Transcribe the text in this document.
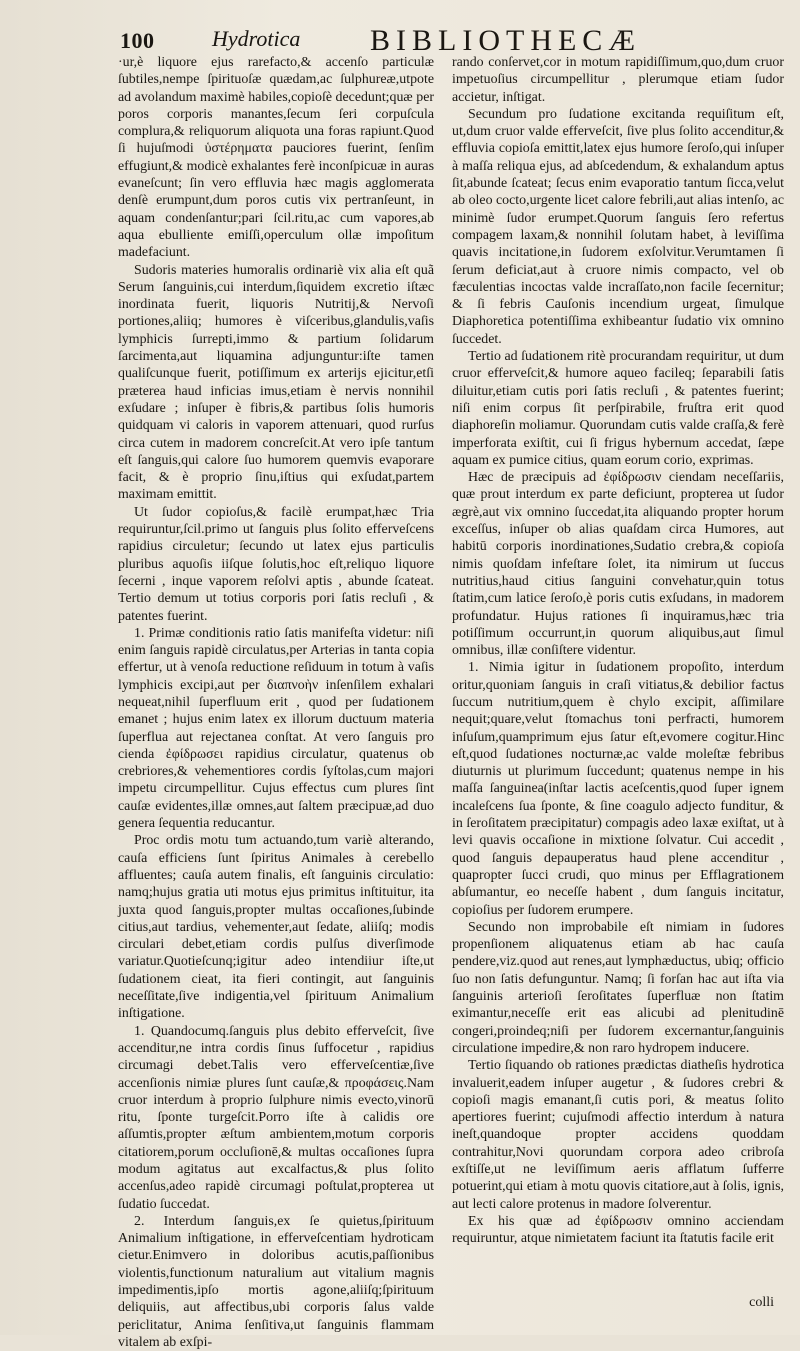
100	Hydrotica BIBLIOTHECÆ

·ur,è liquore ejus rarefacto,& accenſo particulæ ſubtiles,nempe ſpirituoſæ quædam,ac ſulphureæ,utpote ad avolandum maximè habiles,copioſè decedunt;quæ per poros corporis manantes,ſecum ſeri corpuſcula complura,& reliquorum aliquota una foras rapiunt.Quod ſi hujuſmodi ὑστέρηματα pauciores fuerint, ſenſim effugiunt,& modicè exhalantes ferè inconſpicuæ in auras evaneſcunt; ſin vero effluvia hæc magis agglomerata denſè erumpunt,dum poros cutis vix pertranſeunt, in aquam condenſantur;pari ſcil.ritu,ac cum vapores,ab aqua ebulliente emiſſi,operculum ollæ impoſitum madefaciunt.

Sudoris materies humoralis ordinariè vix alia eſt quã Serum ſanguinis,cui interdum,ſiquidem excretio iſtæc inordinata fuerit, liquoris Nutritij,& Nervoſi portiones,aliiq; humores è viſceribus,glandulis,vaſis lymphicis ſurrepti,immo & partium ſolidarum ſarcimenta,aut liquamina adjunguntur:iſte tamen qualiſcunque fuerit, potiſſimum ex arterijs ejicitur,etſi præterea haud inficias imus,etiam è nervis nonnihil exſudare ; inſuper è fibris,& partibus ſolis humoris quidquam vi caloris in vaporem attenuari, quod rurſus circa cutem in madorem concreſcit.At vero ipſe tantum eſt ſanguis,qui calore ſuo humorem quemvis evaporare facit, & è proprio ſinu,iſtius qui exſudat,partem maximam emittit.

Ut ſudor copioſus,& facilè erumpat,hæc Tria requiruntur,ſcil.primo ut ſanguis plus ſolito efferveſcens rapidius circuletur; ſecundo ut latex ejus particulis pluribus aquoſis iiſque ſolutis,hoc eſt,reliquo liquore ſecerni , inque vaporem reſolvi aptis , abunde ſcateat. Tertio demum ut totius corporis pori ſatis recluſi , & patentes fuerint.

1. Primæ conditionis ratio ſatis manifeſta videtur: niſi enim ſanguis rapidè circulatus,per Arterias in tanta copia effertur, ut à venoſa reductione reſiduum in totum à vaſis lymphicis excipi,aut per διαπνοὴν inſenſilem exhalari nequeat,nihil ſuperfluum erit , quod per ſudationem emanet ; hujus enim latex ex illorum ductuum materia ſuperflua aut rejectanea conſtat. At vero ſanguis pro cienda ἐφίδρωσει rapidius circulatur, quatenus ob crebriores,& vehementiores cordis ſyſtolas,cum majori impetu circumpellitur. Cujus effectus cum plures ſint cauſæ evidentes,illæ omnes,aut ſaltem præcipuæ,ad duo genera ſequentia reducantur.

Proc ordis motu tum actuando,tum variè alterando, cauſa efficiens ſunt ſpiritus Animales à cerebello affluentes; cauſa autem finalis, eſt ſanguinis circulatio: namq;hujus gratia uti motus ejus primitus inſtituitur, ita juxta quod ſanguis,propter multas occaſiones,ſubinde citius,aut tardius, vehementer,aut ſedate, aliiſq; modis circulari debet,etiam cordis pulſus diverſimode variatur.Quotieſcunq;igitur adeo intendiiur iſte,ut ſudationem cieat, ita fieri contingit, aut ſanguinis neceſſitate,ſive indigentia,vel ſpirituum Animalium inſtigatione.

1. Quandocumq.ſanguis plus debito efferveſcit, ſive accenditur,ne intra cordis ſinus ſuffocetur , rapidius circumagi debet.Talis vero efferveſcentiæ,ſive accenſionis nimiæ plures ſunt cauſæ,& προφάσεις.Nam cruor interdum à proprio ſulphure nimis evecto,vinorū ritu, ſponte turgeſcit.Porro iſte à calidis ore aſſumtis,propter æſtum ambientem,motum corporis citatiorem,porum occluſionē,& multas occaſiones ſupra modum agitatus aut excalfactus,& plus ſolito accenſus,adeo rapidè circumagi poſtulat,propterea ut ſudatio ſuccedat.

2. Interdum ſanguis,ex ſe quietus,ſpirituum Animalium inſtigatione, in efferveſcentiam hydroticam cietur.Enimvero in doloribus acutis,paſſionibus violentis,functionum naturalium aut vitalium magnis impedimentis,ipſo mortis agone,aliiſq;ſpirituum deliquiis, aut affectibus,ubi corporis ſalus valde periclitatur, Anima ſenſitiva,ut ſanguinis flammam vitalem ab exſpi-

rando conſervet,cor in motum rapidiſſimum,quo,dum cruor impetuoſius circumpellitur , plerumque etiam ſudor accietur, inſtigat.

Secundum pro ſudatione excitanda requiſitum eſt, ut,dum cruor valde efferveſcit, ſive plus ſolito accenditur,& effluvia copioſa emittit,latex ejus humore ſeroſo,qui inſuper à maſſa reliqua ejus, ad abſcedendum, & exhalandum aptus ſit,abunde ſcateat; ſecus enim evaporatio tantum ſicca,velut ab oleo cocto,urgente licet calore febrili,aut alias intenſo, ac minimè ſudor erumpet.Quorum ſanguis ſero refertus compagem laxam,& nonnihil ſolutam habet, à leviſſima quavis incitatione,in ſudorem exſolvitur.Verumtamen ſi ſerum deficiat,aut à cruore nimis compacto, vel ob fæculentias incoctas valde incraſſato,non facile ſecernitur; & ſi febris Cauſonis incendium urgeat, ſimulque Diaphoretica potentiſſima exhibeantur ſudatio vix omnino ſuccedet.

Tertio ad ſudationem ritè procurandam requiritur, ut dum cruor efferveſcit,& humore aqueo facileq; ſeparabili ſatis diluitur,etiam cutis pori ſatis recluſi , & patentes fuerint; niſi enim corpus ſit perſpirabile, fruſtra erit quod diaphoreſin moliamur. Quorundam cutis valde craſſa,& ferè imperforata exiſtit, cui ſi frigus hybernum accedat, ſæpe aquam ex pumice citius, quam eorum corio, exprimas.

Hæc de præcipuis ad ἐφίδρωσιν ciendam neceſſariis, quæ prout interdum ex parte deficiunt, propterea ut ſudor ægrè,aut vix omnino ſuccedat,ita aliquando propter horum exceſſus, inſuper ob alias quaſdam circa Humores, aut habitū corporis inordinationes,Sudatio crebra,& copioſa nimis quoſdam infeſtare ſolet, ita nimirum ut ſuccus nutritius,haud citius ſanguini convehatur,quin totus ſtatim,cum latice ſeroſo,è poris cutis exſudans, in madorem profundatur. Hujus rationes ſi inquiramus,hæc tria potiſſimum occurrunt,in quorum aliquibus,aut ſimul omnibus, illæ conſiſtere videntur.

1. Nimia igitur in ſudationem propoſito, interdum oritur,quoniam ſanguis in craſi vitiatus,& debilior factus ſuccum nutritium,quem è chylo excipit, aſſimilare nequit;quare,velut ſtomachus toni perfracti, humorem inſuſum,quamprimum ejus ſatur eſt,evomere cogitur.Hinc eſt,quod ſudationes nocturnæ,ac valde moleſtæ febribus diuturnis ut plurimum ſuccedunt; quatenus nempe in his maſſa ſanguinea(inſtar lactis aceſcentis,quod ſuper ignem incaleſcens ſua ſponte, & ſine coagulo adjecto funditur, & in ſeroſitatem præcipitatur) compagis adeo laxæ exiſtat, ut à levi quavis occaſione in mixtione ſolvatur. Cui accedit , quod ſanguis depauperatus haud plene accenditur , quapropter ſucci crudi, quo minus per Efflagrationem abſumantur, eo neceſſe habent , dum ſanguis incitatur, copioſius per ſudorem erumpere.

Secundo non improbabile eſt nimiam in ſudores propenſionem aliquatenus etiam ab hac cauſa pendere,viz.quod aut renes,aut lymphæductus, ubiq; officio ſuo non ſatis defunguntur. Namq; ſi forſan hac aut iſta via ſanguinis arterioſi ſeroſitates ſuperfluæ non ſtatim eximantur,neceſſe erit eas alicubi ad plenitudinē congeri,proindeq;niſi per ſudorem excernantur,ſanguinis circulatione impedire,& non raro hydropem inducere.

Tertio ſiquando ob rationes prædictas diatheſis hydrotica invaluerit,eadem inſuper augetur , & ſudores crebri & copioſi magis emanant,ſi cutis pori, & meatus ſolito apertiores fuerint; cujuſmodi affectio interdum à natura ineſt,quandoque propter accidens quoddam contrahitur,Novi quorundam corpora adeo cribroſa exſtiſſe,ut ne leviſſimum aeris afflatum ſufferre potuerint,qui etiam à motu quovis citatiore,aut à ſolis, ignis, aut lecti calore protenus in madore ſolverentur.

Ex his quæ ad ἐφίδρωσιν omnino acciendam requiruntur, atque nimietatem faciunt ita ſtatutis facile erit

colli
